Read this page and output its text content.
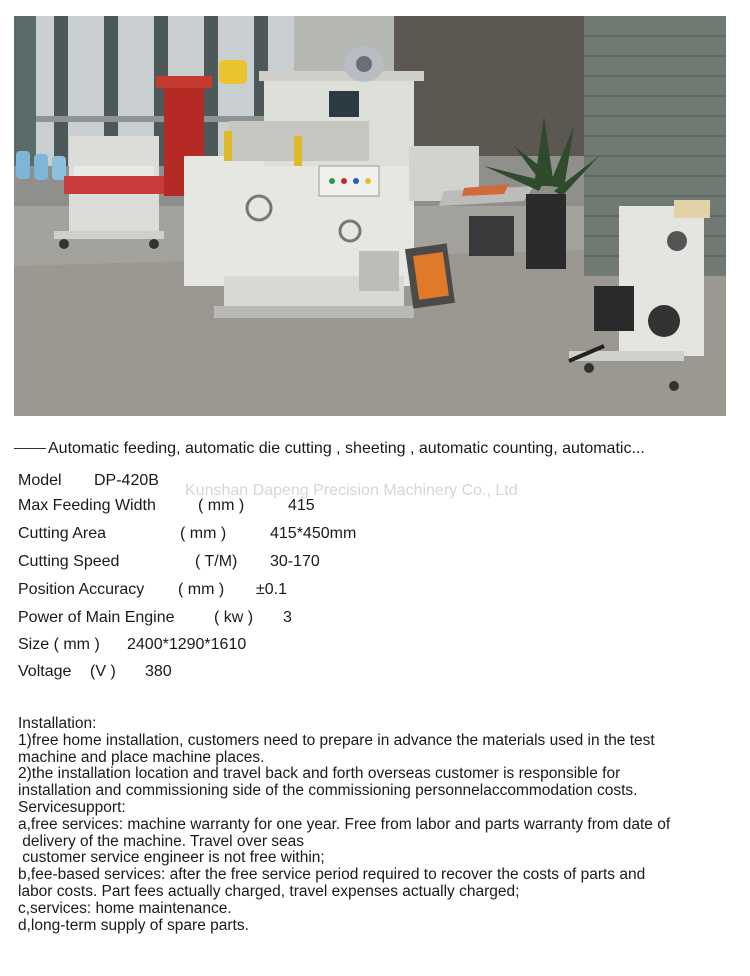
Automatic feeding, automatic die cutting , sheeting , automatic counting, automatic...
Kunshan Dapeng Precision Machinery Co., Ltd
Model DP-420B
Max Feeding Width	( mm )	415
Cutting Area	( mm )	415*450mm
Cutting Speed	( T/M) 30-170
Position Accuracy ( mm ) ±0.1
Power of Main Engine ( kw ) 3
Size ( mm ) 2400*1290*1610
Voltage (V ) 380
Installation:
1)free home installation, customers need to prepare in advance the materials used in the test
machine and place machine places.
2)the installation location and travel back and forth overseas customer is responsible for
installation and commissioning side of the commissioning personnelaccommodation costs.
Servicesupport:
a,free services: machine warranty for one year. Free from labor and parts warranty from date of
delivery of the machine. Travel over seas
customer service engineer is not free within;
b,fee-based services: after the free service period required to recover the costs of parts and
labor costs. Part fees actually charged, travel expenses actually charged;
c,services: home maintenance.
d,long-term supply of spare parts.
